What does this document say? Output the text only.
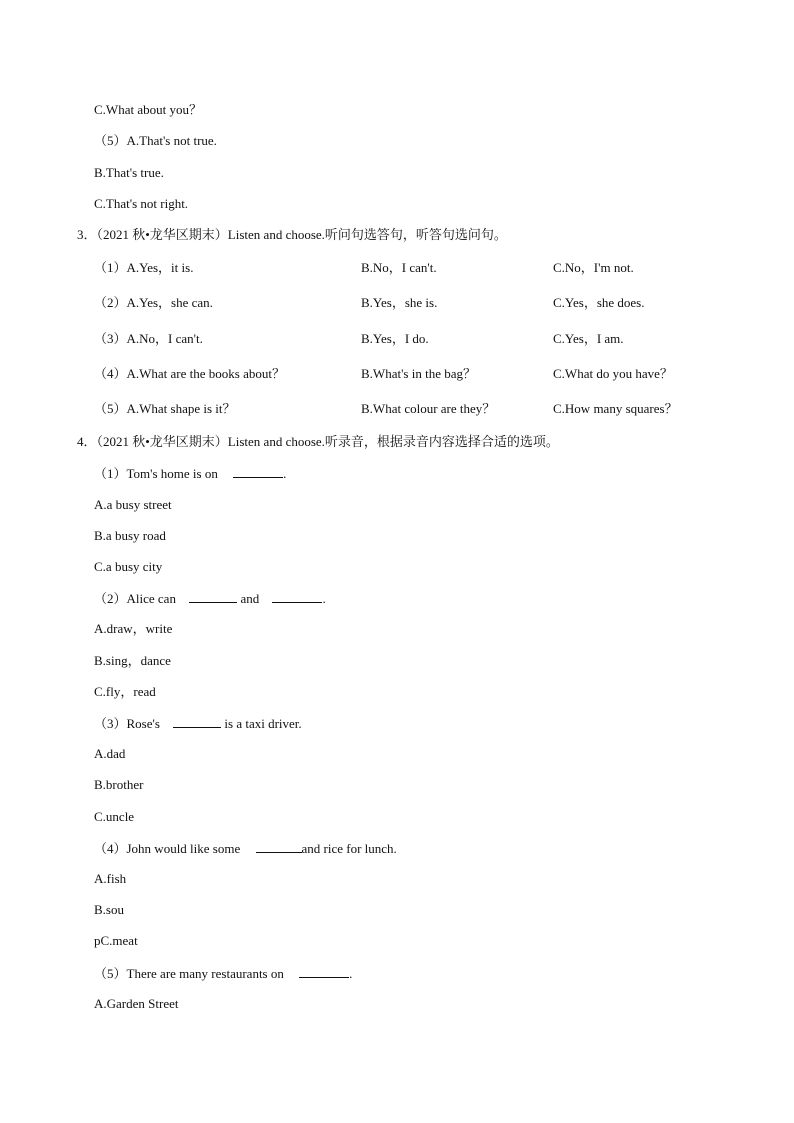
C.What about you？
（5）A.That's not true.
B.That's true.
C.That's not right.
3．（2021 秋•龙华区期末）Listen and choose.听问句选答句，听答句选问句。
（1）A.Yes，it is.	B.No，I can't.	C.No，I'm not.
（2）A.Yes，she can.	B.Yes，she is.	C.Yes，she does.
（3）A.No，I can't.	B.Yes，I do.	C.Yes，I am.
（4）A.What are the books about？	B.What's in the bag？	C.What do you have？
（5）A.What shape is it？	B.What colour are they？	C.How many squares？
4．（2021 秋•龙华区期末）Listen and choose.听录音，根据录音内容选择合适的选项。
（1）Tom's home is on	.
A.a busy street
B.a busy road
C.a busy city
（2）Alice can	and	.
A.draw，write
B.sing，dance
C.fly，read
（3）Rose's	is a taxi driver.
A.dad
B.brother
C.uncle
（4）John would like some	and rice for lunch.
A.fish
B.sou
pC.meat
（5）There are many restaurants on	.
A.Garden Street
